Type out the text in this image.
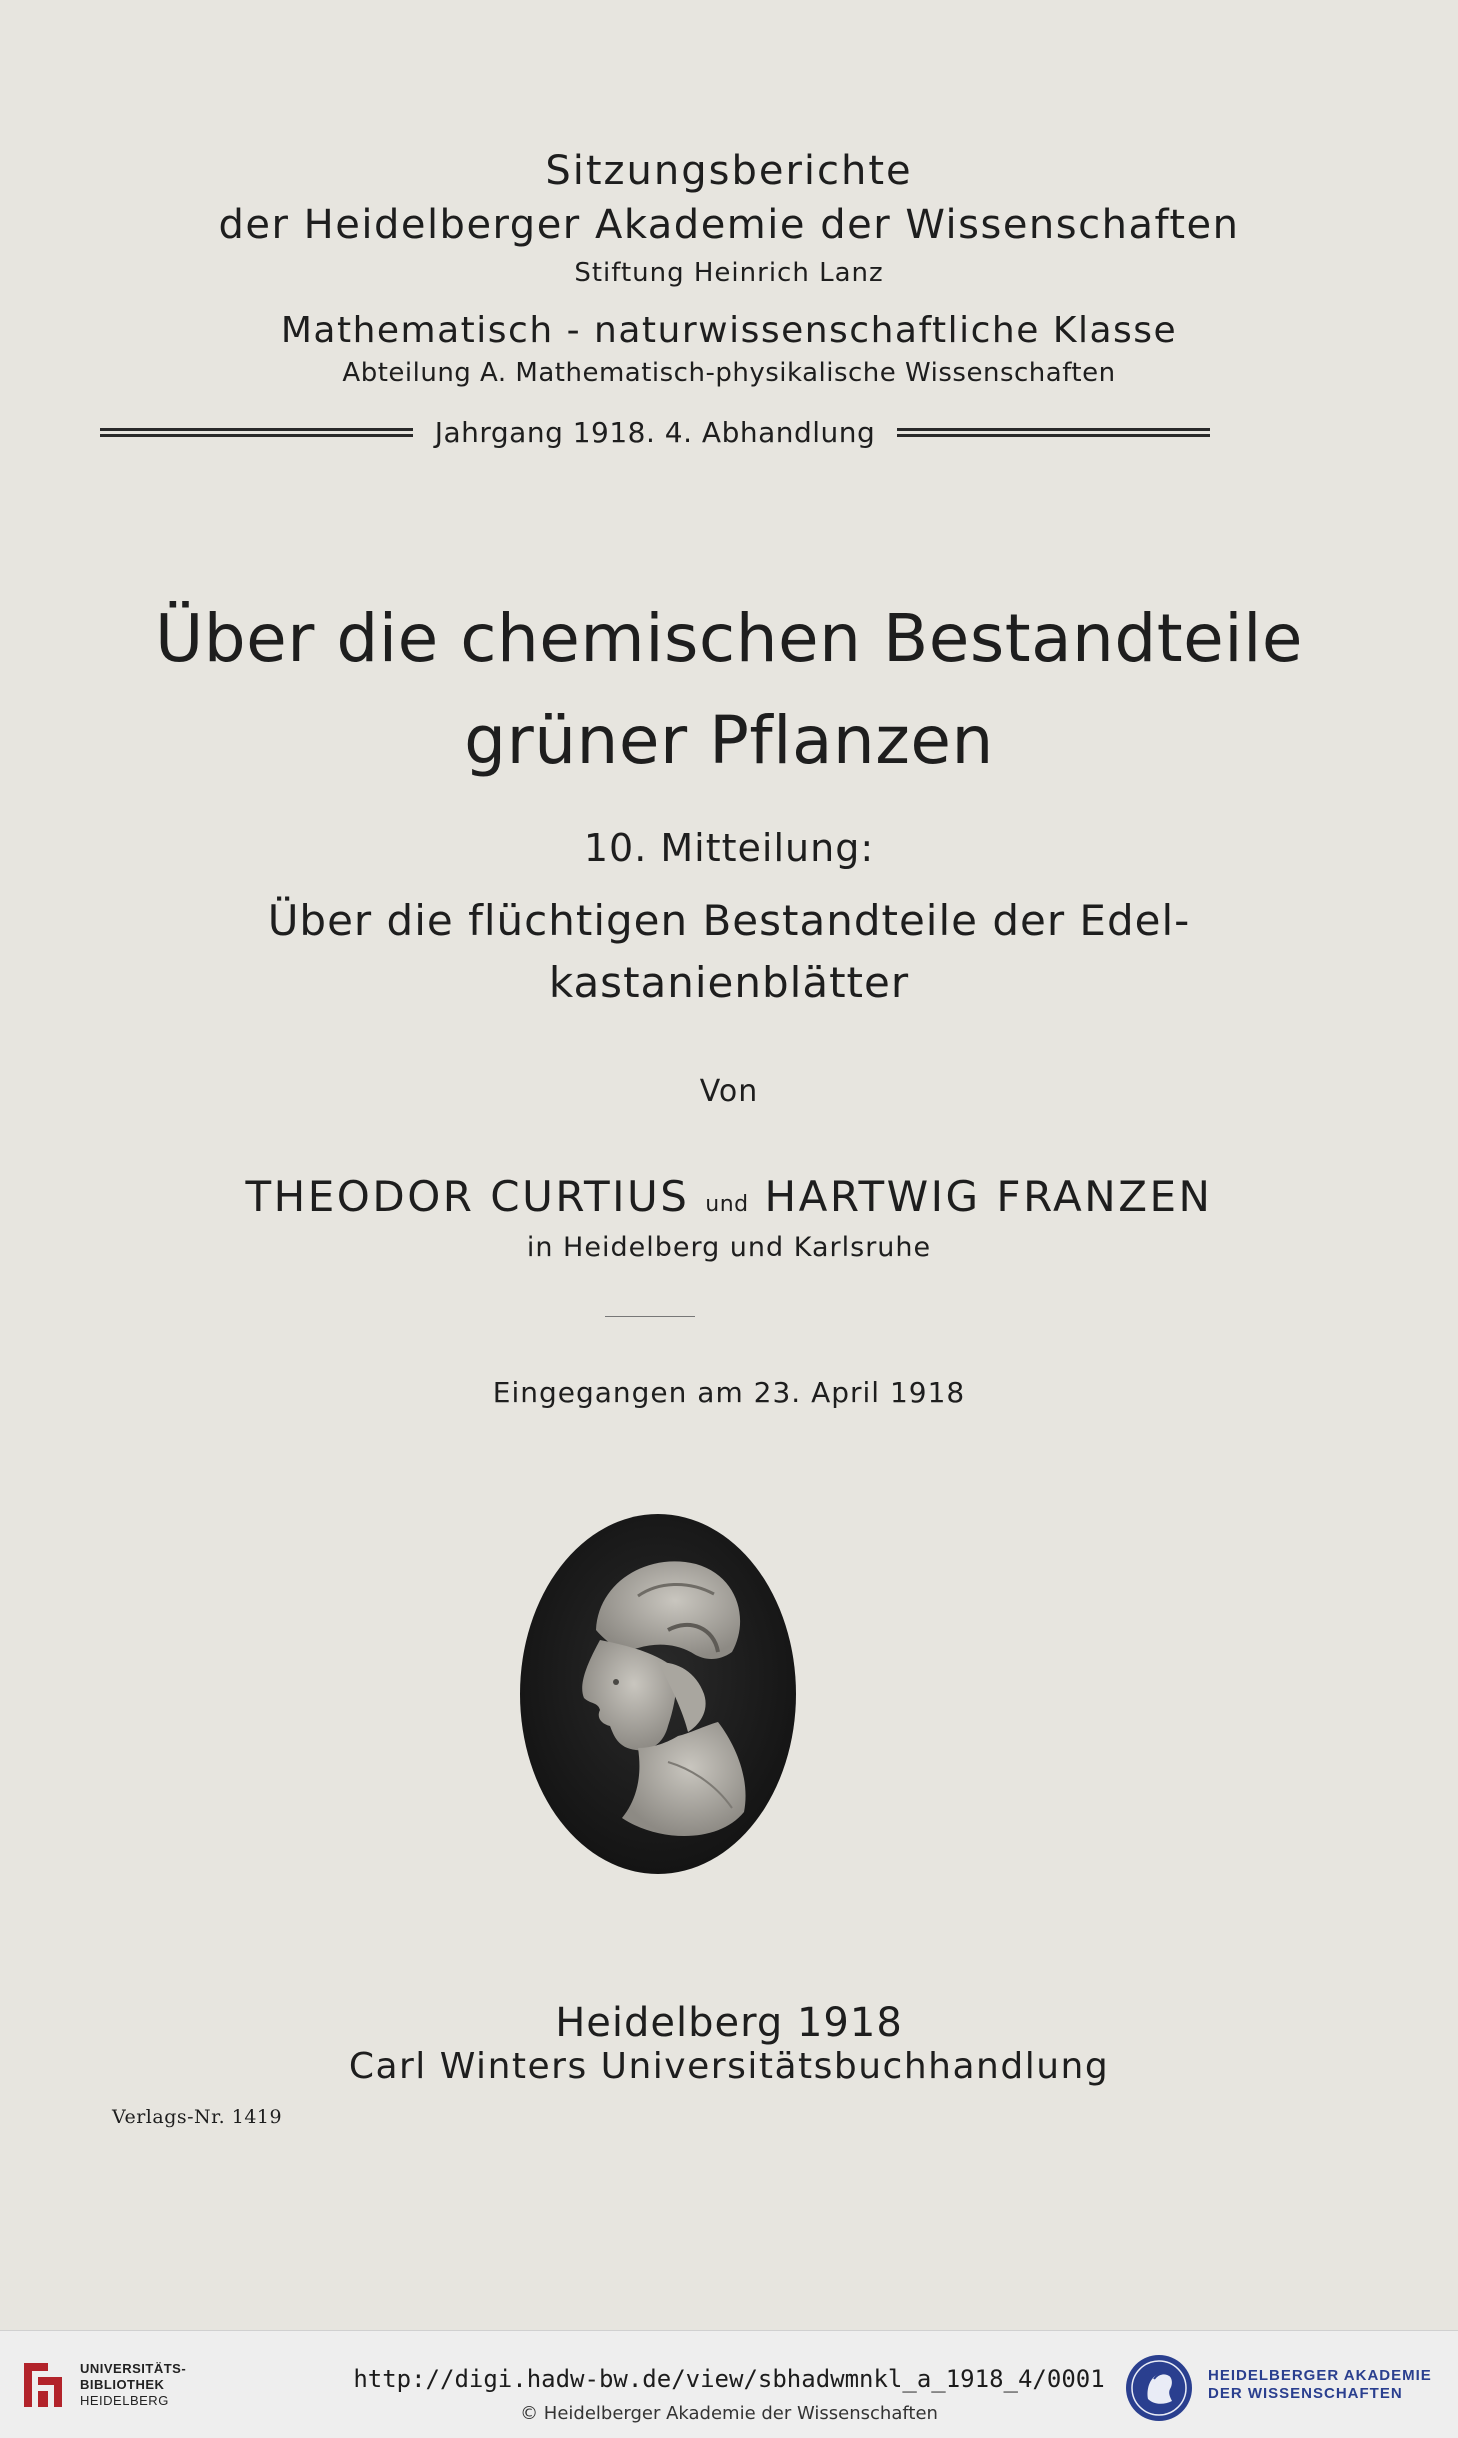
Sitzungsberichte
der Heidelberger Akademie der Wissenschaften
Stiftung Heinrich Lanz
Mathematisch - naturwissenschaftliche Klasse
Abteilung A. Mathematisch-physikalische Wissenschaften
Jahrgang 1918. 4. Abhandlung
Über die chemischen Bestandteile
grüner Pflanzen
10. Mitteilung:
Über die flüchtigen Bestandteile der Edel-
kastanienblätter
Von
THEODOR CURTIUS und HARTWIG FRANZEN
in Heidelberg und Karlsruhe
Eingegangen am 23. April 1918
Heidelberg 1918
Carl Winters Universitätsbuchhandlung
Verlags-Nr. 1419
UNIVERSITÄTS-
BIBLIOTHEK
HEIDELBERG
http://digi.hadw-bw.de/view/sbhadwmnkl_a_1918_4/0001
© Heidelberger Akademie der Wissenschaften
HEIDELBERGER AKADEMIE
DER WISSENSCHAFTEN
